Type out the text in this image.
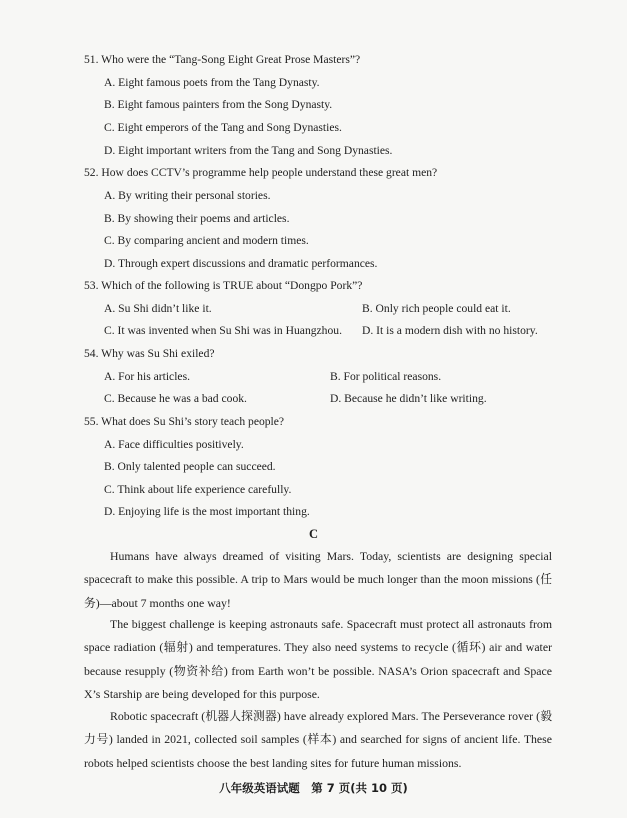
51. Who were the “Tang-Song Eight Great Prose Masters”?
A. Eight famous poets from the Tang Dynasty.
B. Eight famous painters from the Song Dynasty.
C. Eight emperors of the Tang and Song Dynasties.
D. Eight important writers from the Tang and Song Dynasties.
52. How does CCTV’s programme help people understand these great men?
A. By writing their personal stories.
B. By showing their poems and articles.
C. By comparing ancient and modern times.
D. Through expert discussions and dramatic performances.
53. Which of the following is TRUE about “Dongpo Pork”?
A. Su Shi didn’t like it.	B. Only rich people could eat it.
C. It was invented when Su Shi was in Huangzhou. D. It is a modern dish with no history.
54. Why was Su Shi exiled?
A. For his articles.	B. For political reasons.
C. Because he was a bad cook.	D. Because he didn’t like writing.
55. What does Su Shi’s story teach people?
A. Face difficulties positively.
B. Only talented people can succeed.
C. Think about life experience carefully.
D. Enjoying life is the most important thing.
C

Humans have always dreamed of visiting Mars. Today, scientists are designing special spacecraft to make this possible. A trip to Mars would be much longer than the moon missions (任务)—about 7 months one way!

The biggest challenge is keeping astronauts safe. Spacecraft must protect all astronauts from space radiation (辐射) and temperatures. They also need systems to recycle (循环) air and water because resupply (物资补给) from Earth won’t be possible. NASA’s Orion spacecraft and Space X’s Starship are being developed for this purpose.

Robotic spacecraft (机器人探测器) have already explored Mars. The Perseverance rover (毅力号) landed in 2021, collected soil samples (样本) and searched for signs of ancient life. These robots helped scientists choose the best landing sites for future human missions.

八年级英语试题　第 7 页(共 10 页)
